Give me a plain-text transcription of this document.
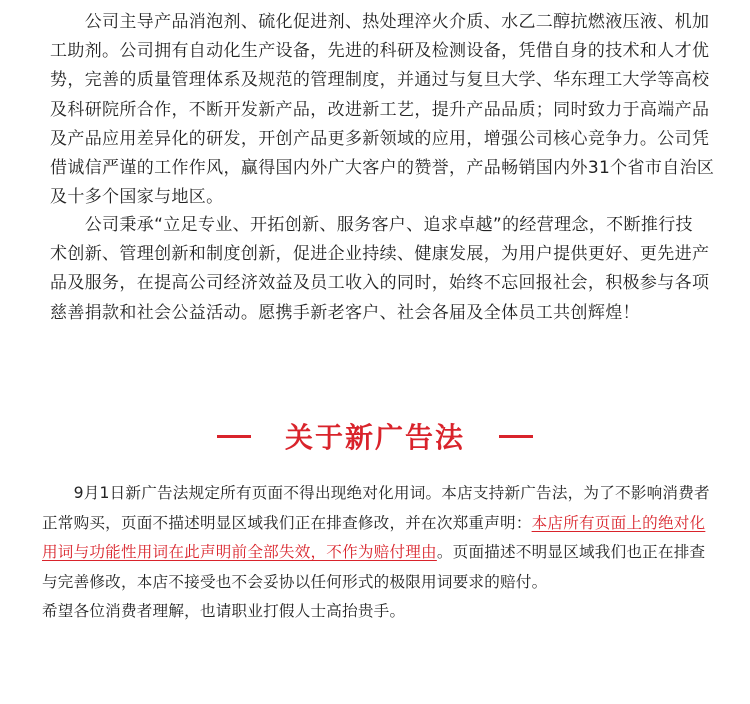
　　公司主导产品消泡剂、硫化促进剂、热处理淬火介质、水乙二醇抗燃液压液、机加
工助剂。公司拥有自动化生产设备，先进的科研及检测设备，凭借自身的技术和人才优
势，完善的质量管理体系及规范的管理制度，并通过与复旦大学、华东理工大学等高校
及科研院所合作，不断开发新产品，改进新工艺，提升产品品质；同时致力于高端产品
及产品应用差异化的研发，开创产品更多新领域的应用，增强公司核心竞争力。公司凭
借诚信严谨的工作作风，赢得国内外广大客户的赞誉，产品畅销国内外31个省市自治区
及十多个国家与地区。
　　公司秉承“立足专业、开拓创新、服务客户、追求卓越”的经营理念，不断推行技
术创新、管理创新和制度创新，促进企业持续、健康发展，为用户提供更好、更先进产
品及服务，在提高公司经济效益及员工收入的同时，始终不忘回报社会，积极参与各项
慈善捐款和社会公益活动。愿携手新老客户、社会各届及全体员工共创辉煌！
关于新广告法
　　9月1日新广告法规定所有页面不得出现绝对化用词。本店支持新广告法，为了不影响消费者
正常购买，页面不描述明显区域我们正在排查修改，并在次郑重声明：本店所有页面上的绝对化
用词与功能性用词在此声明前全部失效，不作为赔付理由。页面描述不明显区域我们也正在排查
与完善修改，本店不接受也不会妥协以任何形式的极限用词要求的赔付。
希望各位消费者理解，也请职业打假人士高抬贵手。
